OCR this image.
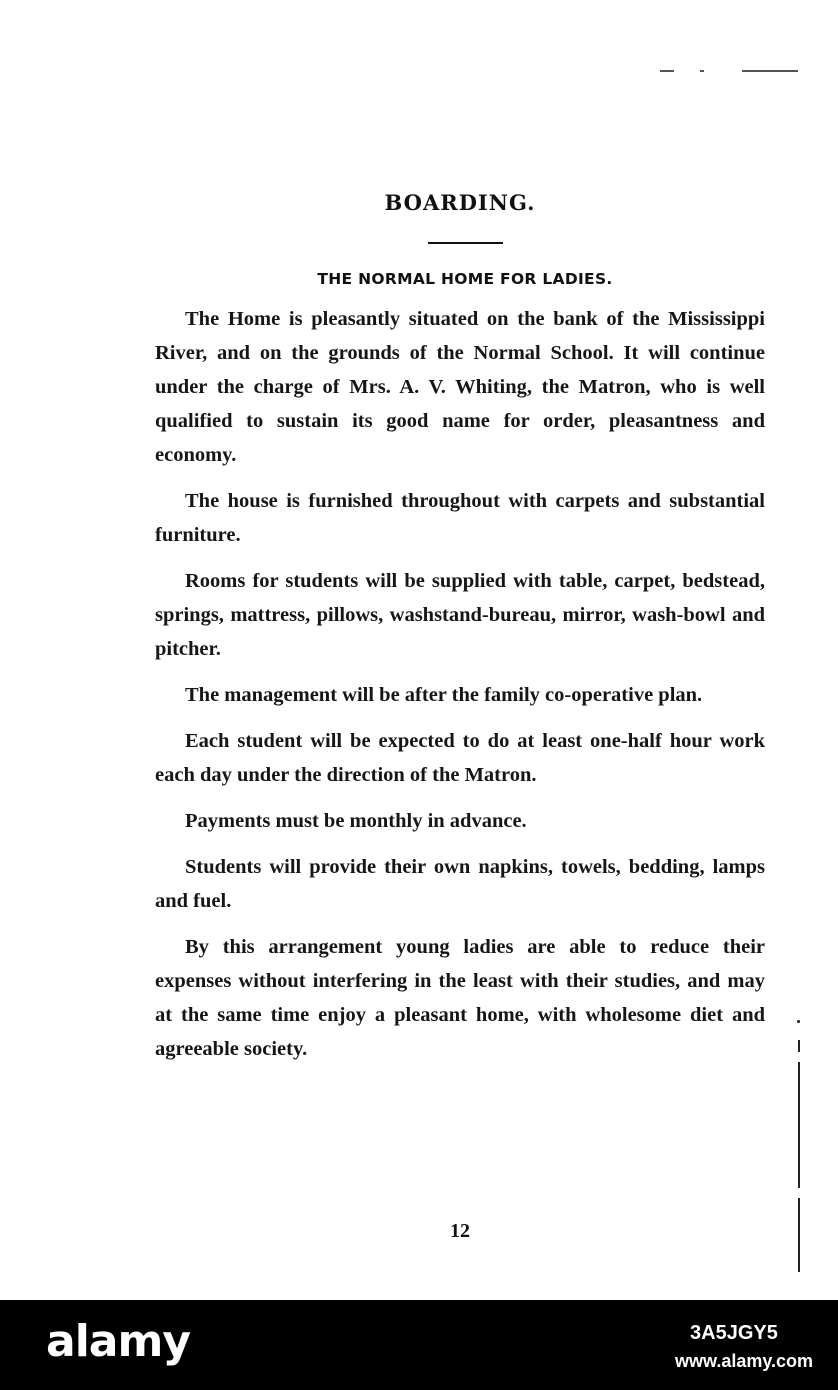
BOARDING.
THE NORMAL HOME FOR LADIES.

The Home is pleasantly situated on the bank of the Mississippi River, and on the grounds of the Normal School. It will continue under the charge of Mrs. A. V. Whiting, the Matron, who is well qualified to sustain its good name for order, pleasantness and economy.

The house is furnished throughout with carpets and substantial furniture.

Rooms for students will be supplied with table, carpet, bedstead, springs, mattress, pillows, washstand-bureau, mirror, wash-bowl and pitcher.

The management will be after the family co-operative plan.

Each student will be expected to do at least one-half hour work each day under the direction of the Matron.

Payments must be monthly in advance.

Students will provide their own napkins, towels, bedding, lamps and fuel.

By this arrangement young ladies are able to reduce their expenses without interfering in the least with their studies, and may at the same time enjoy a pleasant home, with wholesome diet and agreeable society.

12
alamy	3A5JGY5
www.alamy.com
